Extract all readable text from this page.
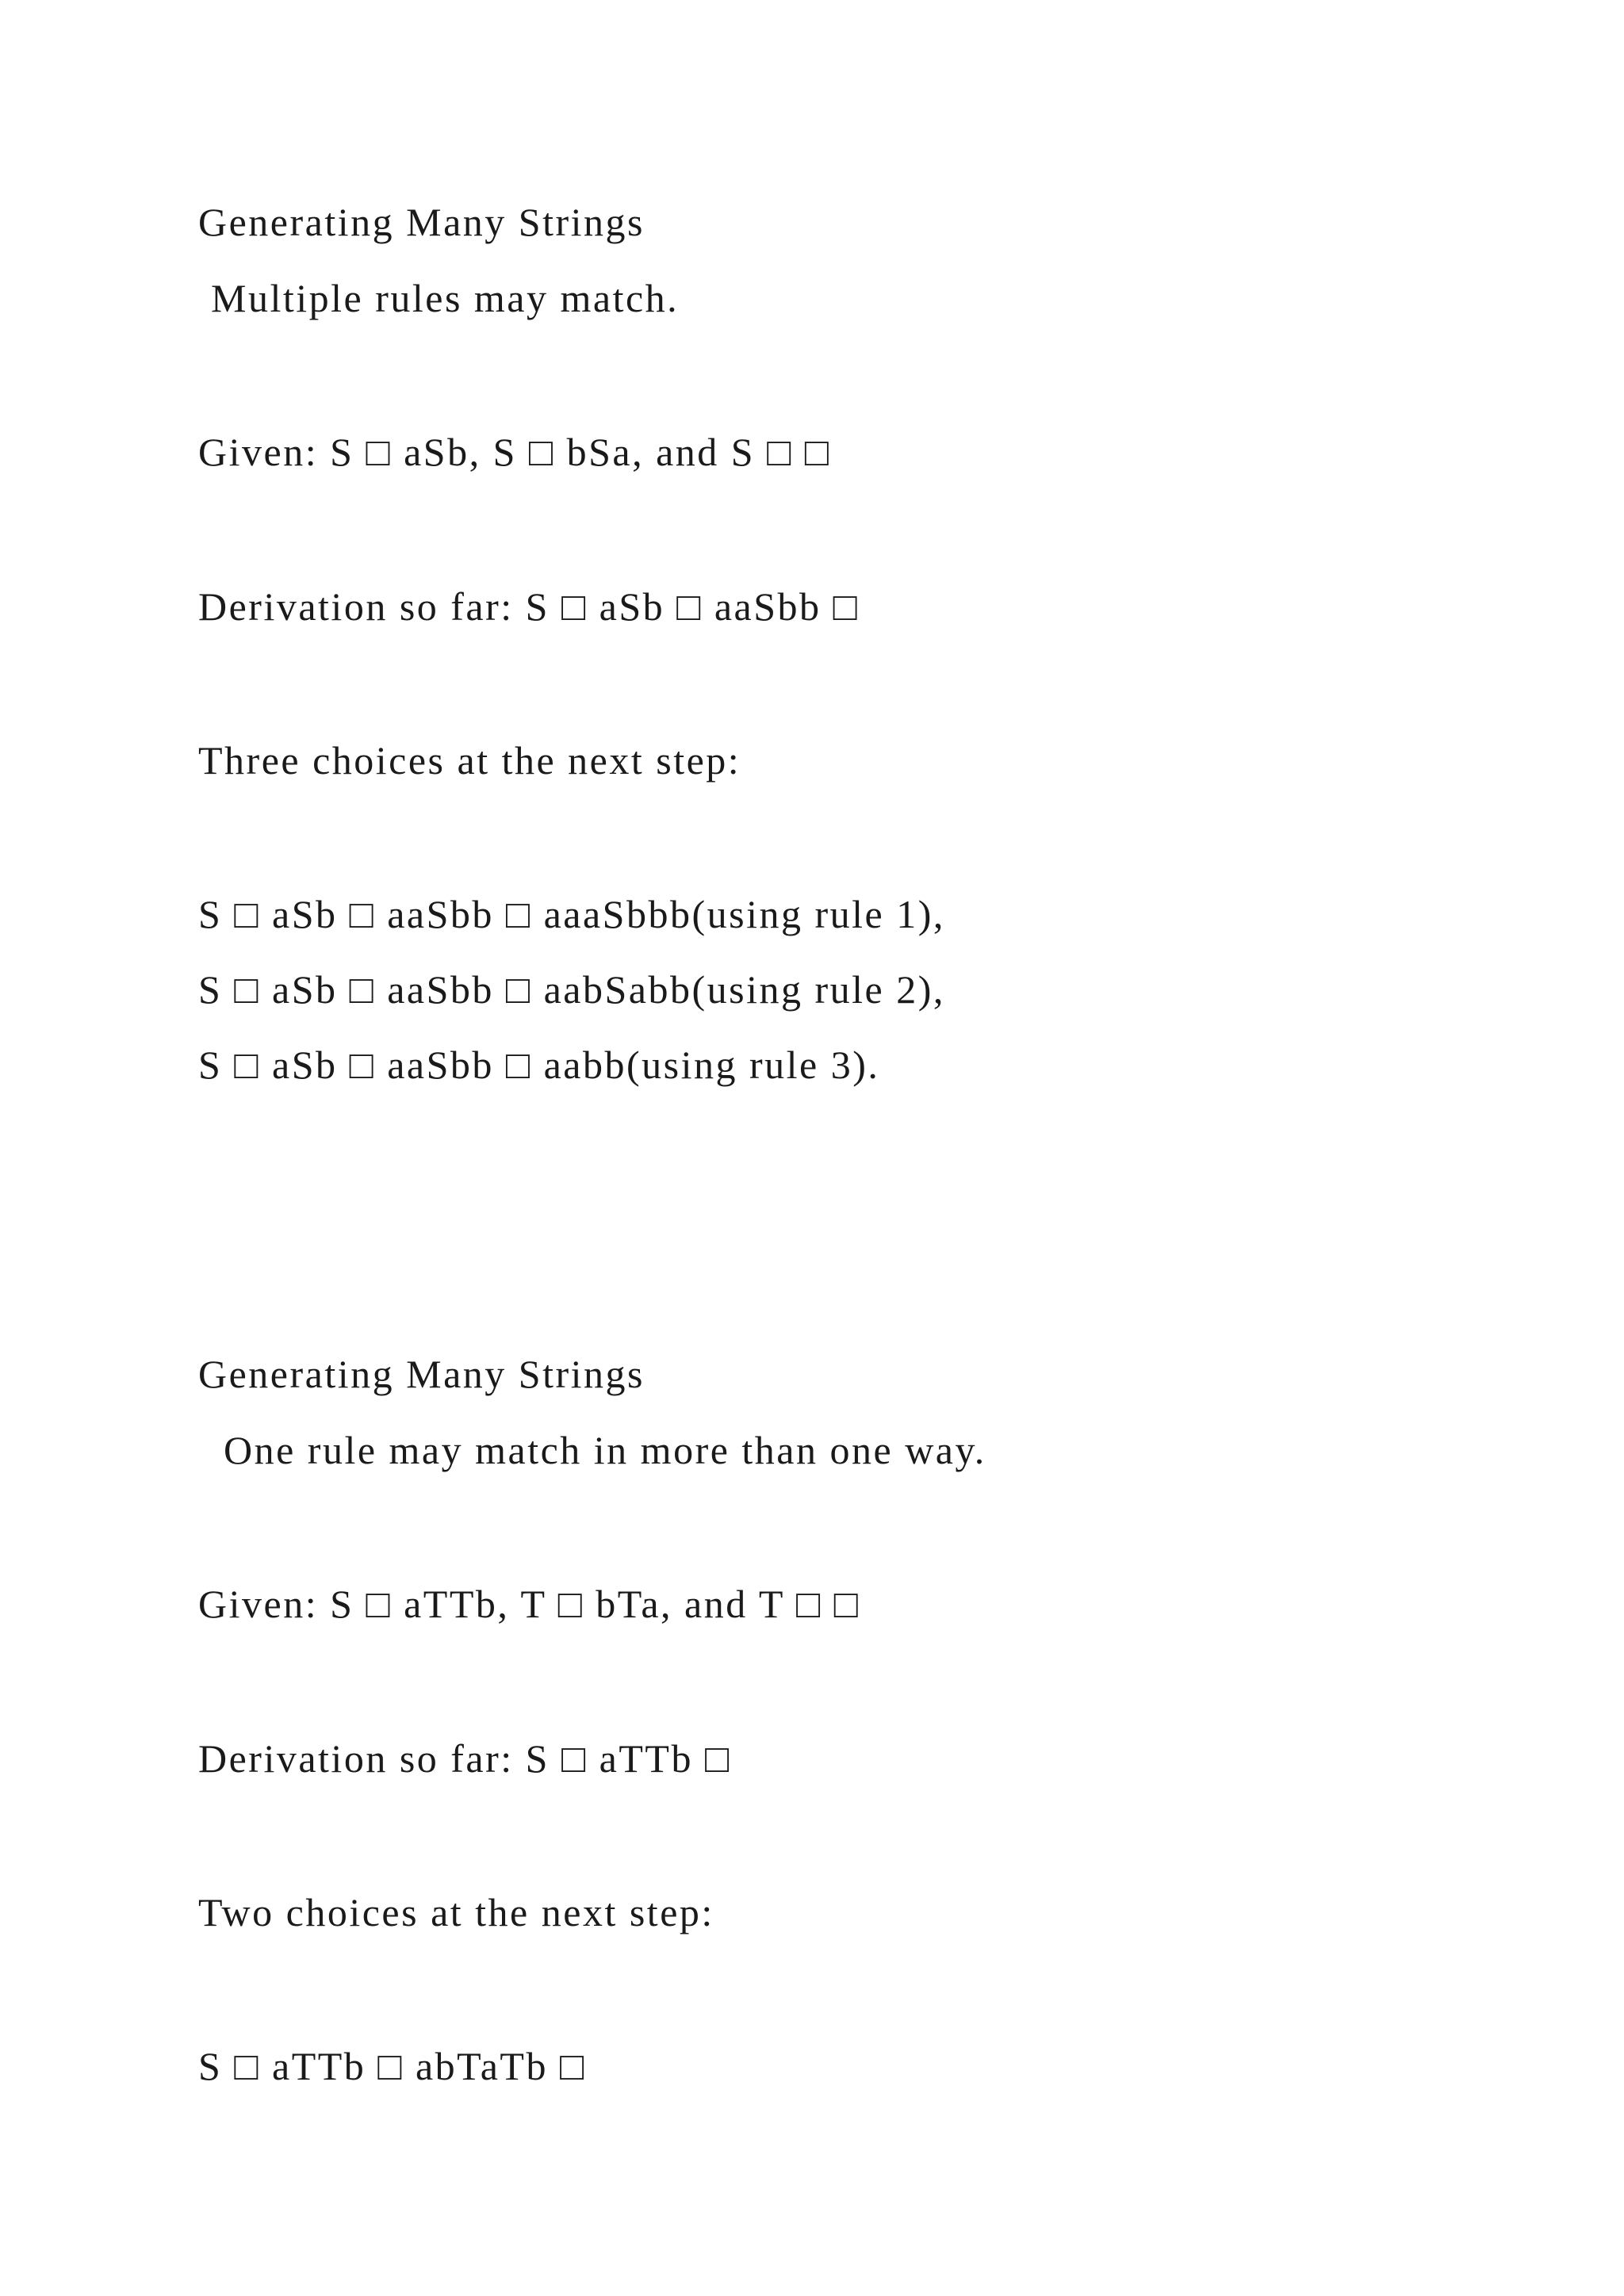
Generating Many Strings
Multiple rules may match.
Given: S □ aSb, S □ bSa, and S □ □
Derivation so far: S □ aSb □ aaSbb □
Three choices at the next step:
S □ aSb □ aaSbb □ aaaSbbb(using rule 1),
S □ aSb □ aaSbb □ aabSabb(using rule 2),
S □ aSb □ aaSbb □ aabb(using rule 3).
Generating Many Strings
One rule may match in more than one way.
Given: S □ aTTb, T □ bTa, and T □ □
Derivation so far: S □ aTTb □
Two choices at the next step:
S □ aTTb □ abTaTb □
